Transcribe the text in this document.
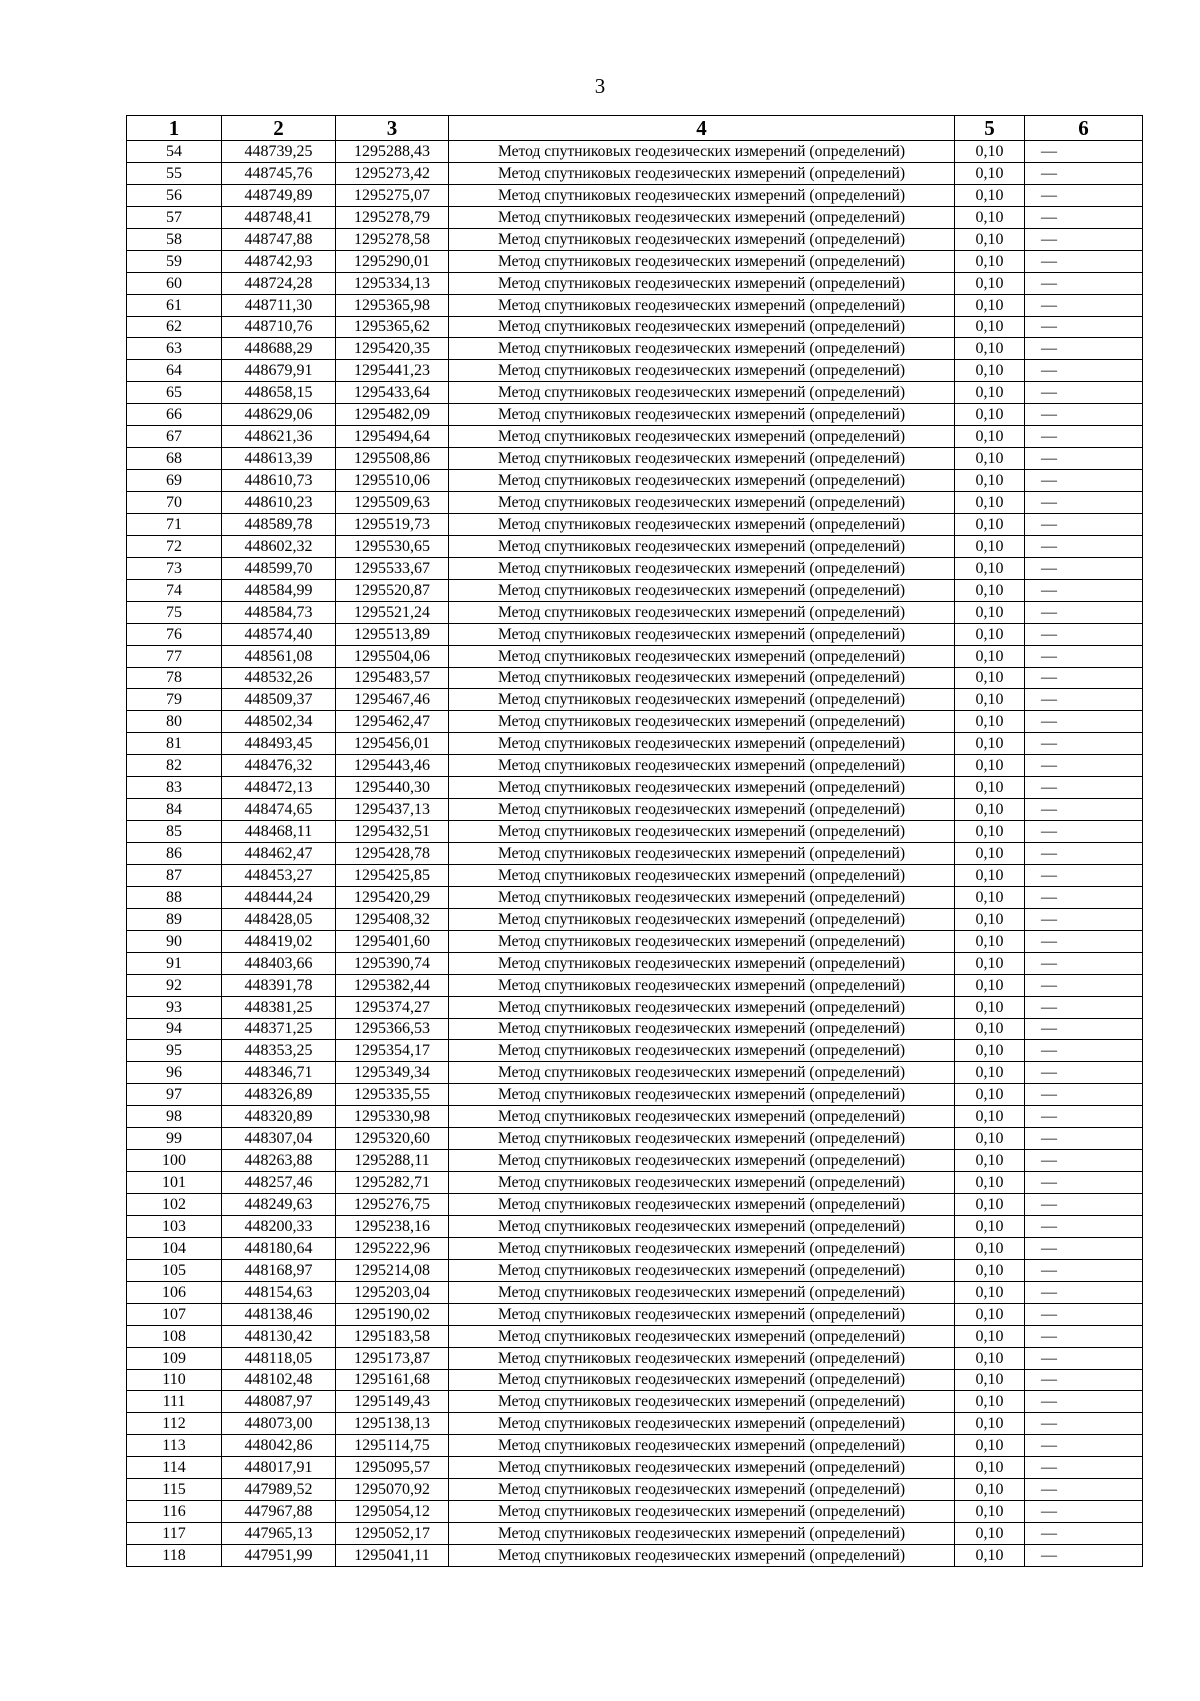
3
1	2	3	4	5	6
54	448739,25	1295288,43	Метод спутниковых геодезических измерений (определений)	0,10	—
55	448745,76	1295273,42	Метод спутниковых геодезических измерений (определений)	0,10	—
56	448749,89	1295275,07	Метод спутниковых геодезических измерений (определений)	0,10	—
57	448748,41	1295278,79	Метод спутниковых геодезических измерений (определений)	0,10	—
58	448747,88	1295278,58	Метод спутниковых геодезических измерений (определений)	0,10	—
59	448742,93	1295290,01	Метод спутниковых геодезических измерений (определений)	0,10	—
60	448724,28	1295334,13	Метод спутниковых геодезических измерений (определений)	0,10	—
61	448711,30	1295365,98	Метод спутниковых геодезических измерений (определений)	0,10	—
62	448710,76	1295365,62	Метод спутниковых геодезических измерений (определений)	0,10	—
63	448688,29	1295420,35	Метод спутниковых геодезических измерений (определений)	0,10	—
64	448679,91	1295441,23	Метод спутниковых геодезических измерений (определений)	0,10	—
65	448658,15	1295433,64	Метод спутниковых геодезических измерений (определений)	0,10	—
66	448629,06	1295482,09	Метод спутниковых геодезических измерений (определений)	0,10	—
67	448621,36	1295494,64	Метод спутниковых геодезических измерений (определений)	0,10	—
68	448613,39	1295508,86	Метод спутниковых геодезических измерений (определений)	0,10	—
69	448610,73	1295510,06	Метод спутниковых геодезических измерений (определений)	0,10	—
70	448610,23	1295509,63	Метод спутниковых геодезических измерений (определений)	0,10	—
71	448589,78	1295519,73	Метод спутниковых геодезических измерений (определений)	0,10	—
72	448602,32	1295530,65	Метод спутниковых геодезических измерений (определений)	0,10	—
73	448599,70	1295533,67	Метод спутниковых геодезических измерений (определений)	0,10	—
74	448584,99	1295520,87	Метод спутниковых геодезических измерений (определений)	0,10	—
75	448584,73	1295521,24	Метод спутниковых геодезических измерений (определений)	0,10	—
76	448574,40	1295513,89	Метод спутниковых геодезических измерений (определений)	0,10	—
77	448561,08	1295504,06	Метод спутниковых геодезических измерений (определений)	0,10	—
78	448532,26	1295483,57	Метод спутниковых геодезических измерений (определений)	0,10	—
79	448509,37	1295467,46	Метод спутниковых геодезических измерений (определений)	0,10	—
80	448502,34	1295462,47	Метод спутниковых геодезических измерений (определений)	0,10	—
81	448493,45	1295456,01	Метод спутниковых геодезических измерений (определений)	0,10	—
82	448476,32	1295443,46	Метод спутниковых геодезических измерений (определений)	0,10	—
83	448472,13	1295440,30	Метод спутниковых геодезических измерений (определений)	0,10	—
84	448474,65	1295437,13	Метод спутниковых геодезических измерений (определений)	0,10	—
85	448468,11	1295432,51	Метод спутниковых геодезических измерений (определений)	0,10	—
86	448462,47	1295428,78	Метод спутниковых геодезических измерений (определений)	0,10	—
87	448453,27	1295425,85	Метод спутниковых геодезических измерений (определений)	0,10	—
88	448444,24	1295420,29	Метод спутниковых геодезических измерений (определений)	0,10	—
89	448428,05	1295408,32	Метод спутниковых геодезических измерений (определений)	0,10	—
90	448419,02	1295401,60	Метод спутниковых геодезических измерений (определений)	0,10	—
91	448403,66	1295390,74	Метод спутниковых геодезических измерений (определений)	0,10	—
92	448391,78	1295382,44	Метод спутниковых геодезических измерений (определений)	0,10	—
93	448381,25	1295374,27	Метод спутниковых геодезических измерений (определений)	0,10	—
94	448371,25	1295366,53	Метод спутниковых геодезических измерений (определений)	0,10	—
95	448353,25	1295354,17	Метод спутниковых геодезических измерений (определений)	0,10	—
96	448346,71	1295349,34	Метод спутниковых геодезических измерений (определений)	0,10	—
97	448326,89	1295335,55	Метод спутниковых геодезических измерений (определений)	0,10	—
98	448320,89	1295330,98	Метод спутниковых геодезических измерений (определений)	0,10	—
99	448307,04	1295320,60	Метод спутниковых геодезических измерений (определений)	0,10	—
100	448263,88	1295288,11	Метод спутниковых геодезических измерений (определений)	0,10	—
101	448257,46	1295282,71	Метод спутниковых геодезических измерений (определений)	0,10	—
102	448249,63	1295276,75	Метод спутниковых геодезических измерений (определений)	0,10	—
103	448200,33	1295238,16	Метод спутниковых геодезических измерений (определений)	0,10	—
104	448180,64	1295222,96	Метод спутниковых геодезических измерений (определений)	0,10	—
105	448168,97	1295214,08	Метод спутниковых геодезических измерений (определений)	0,10	—
106	448154,63	1295203,04	Метод спутниковых геодезических измерений (определений)	0,10	—
107	448138,46	1295190,02	Метод спутниковых геодезических измерений (определений)	0,10	—
108	448130,42	1295183,58	Метод спутниковых геодезических измерений (определений)	0,10	—
109	448118,05	1295173,87	Метод спутниковых геодезических измерений (определений)	0,10	—
110	448102,48	1295161,68	Метод спутниковых геодезических измерений (определений)	0,10	—
111	448087,97	1295149,43	Метод спутниковых геодезических измерений (определений)	0,10	—
112	448073,00	1295138,13	Метод спутниковых геодезических измерений (определений)	0,10	—
113	448042,86	1295114,75	Метод спутниковых геодезических измерений (определений)	0,10	—
114	448017,91	1295095,57	Метод спутниковых геодезических измерений (определений)	0,10	—
115	447989,52	1295070,92	Метод спутниковых геодезических измерений (определений)	0,10	—
116	447967,88	1295054,12	Метод спутниковых геодезических измерений (определений)	0,10	—
117	447965,13	1295052,17	Метод спутниковых геодезических измерений (определений)	0,10	—
118	447951,99	1295041,11	Метод спутниковых геодезических измерений (определений)	0,10	—
